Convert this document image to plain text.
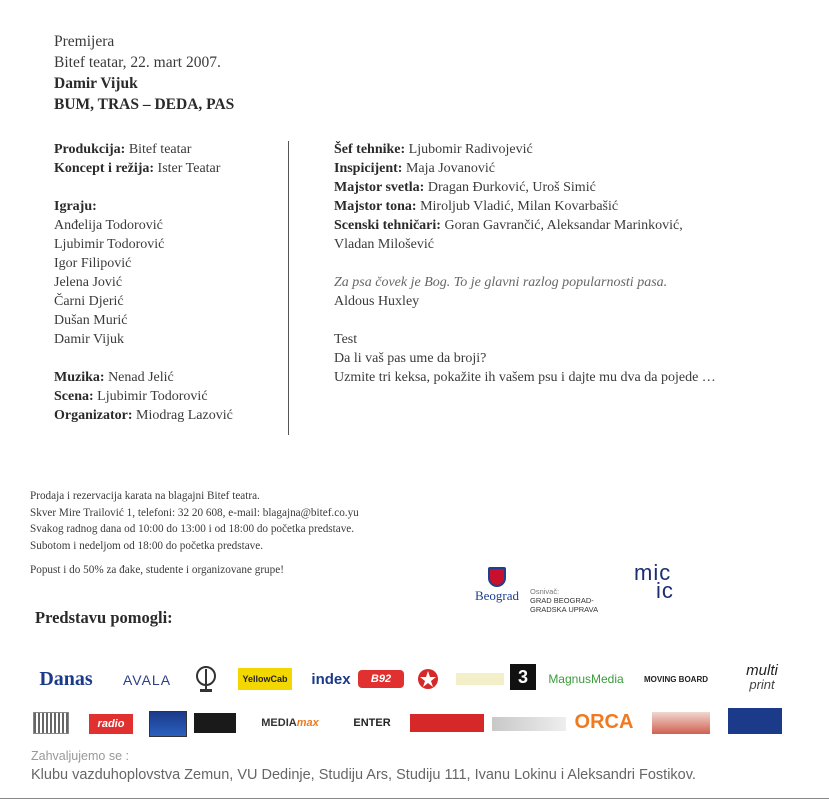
Premijera
Bitef teatar, 22. mart 2007.
Damir Vijuk
BUM, TRAS – DEDA, PAS
Produkcija: Bitef teatar
Koncept i režija: Ister Teatar
Igraju:
Anđelija Todorović
Ljubimir Todorović
Igor Filipović
Jelena Jović
Čarni Djerić
Dušan Murić
Damir Vijuk
Muzika: Nenad Jelić
Scena: Ljubimir Todorović
Organizator: Miodrag Lazović
Šef tehnike: Ljubomir Radivojević
Inspicijent: Maja Jovanović
Majstor svetla: Dragan Đurković, Uroš Simić
Majstor tona: Miroljub Vladić, Milan Kovarbašić
Scenski tehničari: Goran Gavrančić, Aleksandar Marinković,
Vladan Milošević
Za psa čovek je Bog. To je glavni razlog popularnosti pasa.
Aldous Huxley
Test
Da li vaš pas ume da broji?
Uzmite tri keksa, pokažite ih vašem psu i dajte mu dva da pojede …
Prodaja i rezervacija karata na blagajni Bitef teatra.
Skver Mire Trailović 1, telefoni: 32 20 608, e-mail: blagajna@bitef.co.yu
Svakog radnog dana od 10:00 do 13:00 i od 18:00 do početka predstave.
Subotom i nedeljom od 18:00 do početka predstave.
Popust i do 50% za đake, studente i organizovane grupe!
Predstavu pomogli:
Beograd Osnivač:
GRAD BEOGRAD-
GRADSKA UPRAVA
mic
ic
Danas	AVALA	YellowCab	index	B92	3	MagnusMedia	MOVING BOARD	multi
print
radio	MEDIA max	ENTER	ORCA
Zahvaljujemo se :
Klubu vazduhoplovstva Zemun, VU Dedinje, Studiju Ars, Studiju 111, Ivanu Lokinu i Aleksandri Fostikov.
